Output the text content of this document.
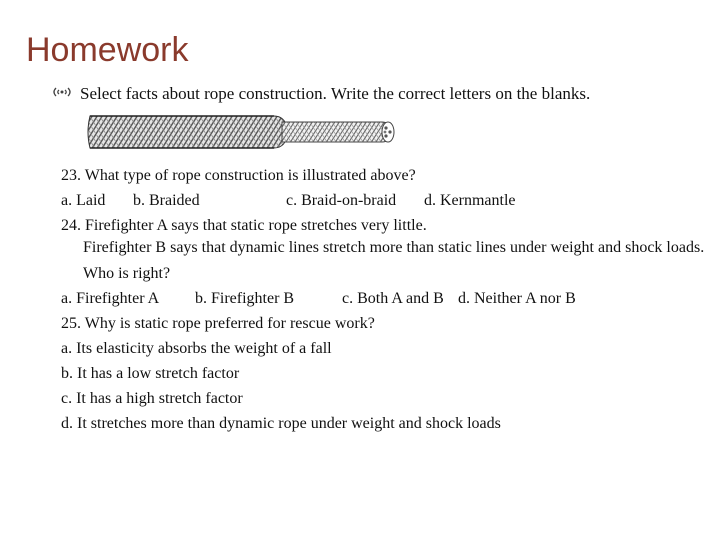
Homework
Select facts about rope construction. Write the correct letters on the blanks.

23. What type of rope construction is illustrated above?

a. Laid b. Braided	c. Braid-on-braid d. Kernmantle

24. Firefighter A says that static rope stretches very little.

Firefighter B says that dynamic lines stretch more than static lines under weight and shock loads.

Who is right?

a. Firefighter A b. Firefighter B	c. Both A and B d. Neither A nor B

25. Why is static rope preferred for rescue work?

a. Its elasticity absorbs the weight of a fall

b. It has a low stretch factor

c. It has a high stretch factor

d. It stretches more than dynamic rope under weight and shock loads
